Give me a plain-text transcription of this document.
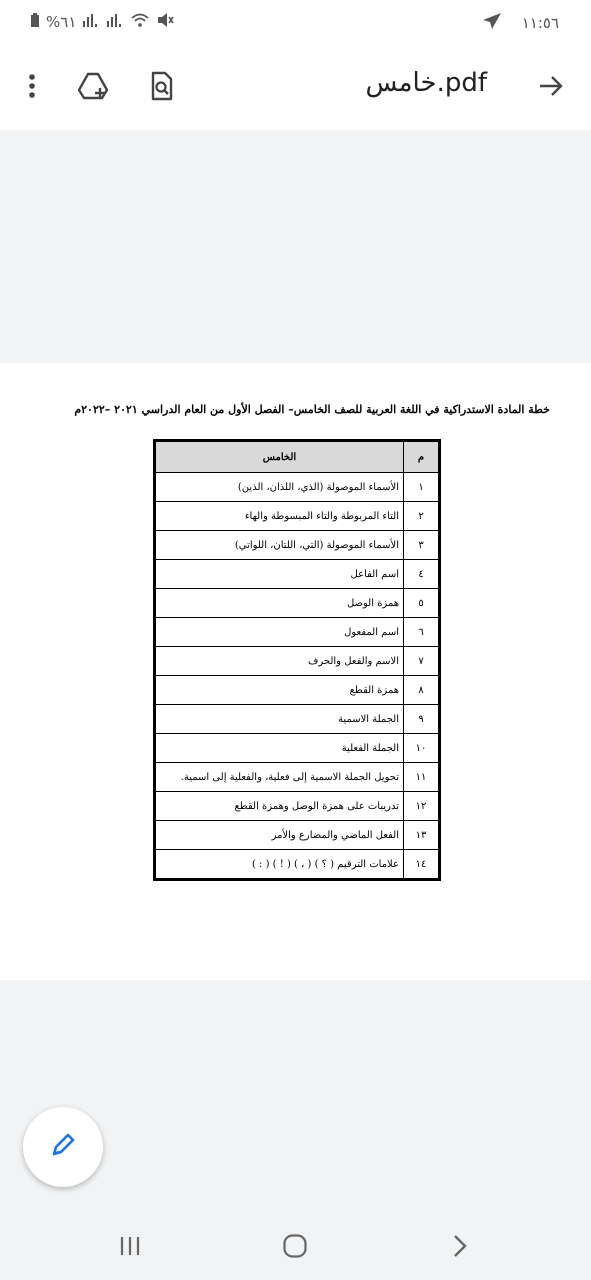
%٦١	١١:٥٦
خامس.pdf
خطة المادة الاستدراكية في اللغة العربية للصف الخامس– الفصل الأول من العام الدراسي ٢٠٢١ –٢٠٢٢م
م	الخامس
١	الأسماء الموصولة (الذي، اللذان، الذين)
٢	التاء المربوطة والتاء المبسوطة والهاء
٣	الأسماء الموصولة (التي، اللتان، اللواتي)
٤	اسم الفاعل
٥	همزة الوصل
٦	اسم المفعول
٧	الاسم والفعل والحرف
٨	همزة القطع
٩	الجملة الاسمية
١٠	الجملة الفعلية
١١	تحويل الجملة الاسمية إلى فعلية، والفعلية إلى اسمية.
١٢	تدريبات على همزة الوصل وهمزة القطع
١٣	الفعل الماضي والمضارع والأمر
١٤	علامات الترقيم ( ؟ ) ( ، ) ( ! ) ( : )
